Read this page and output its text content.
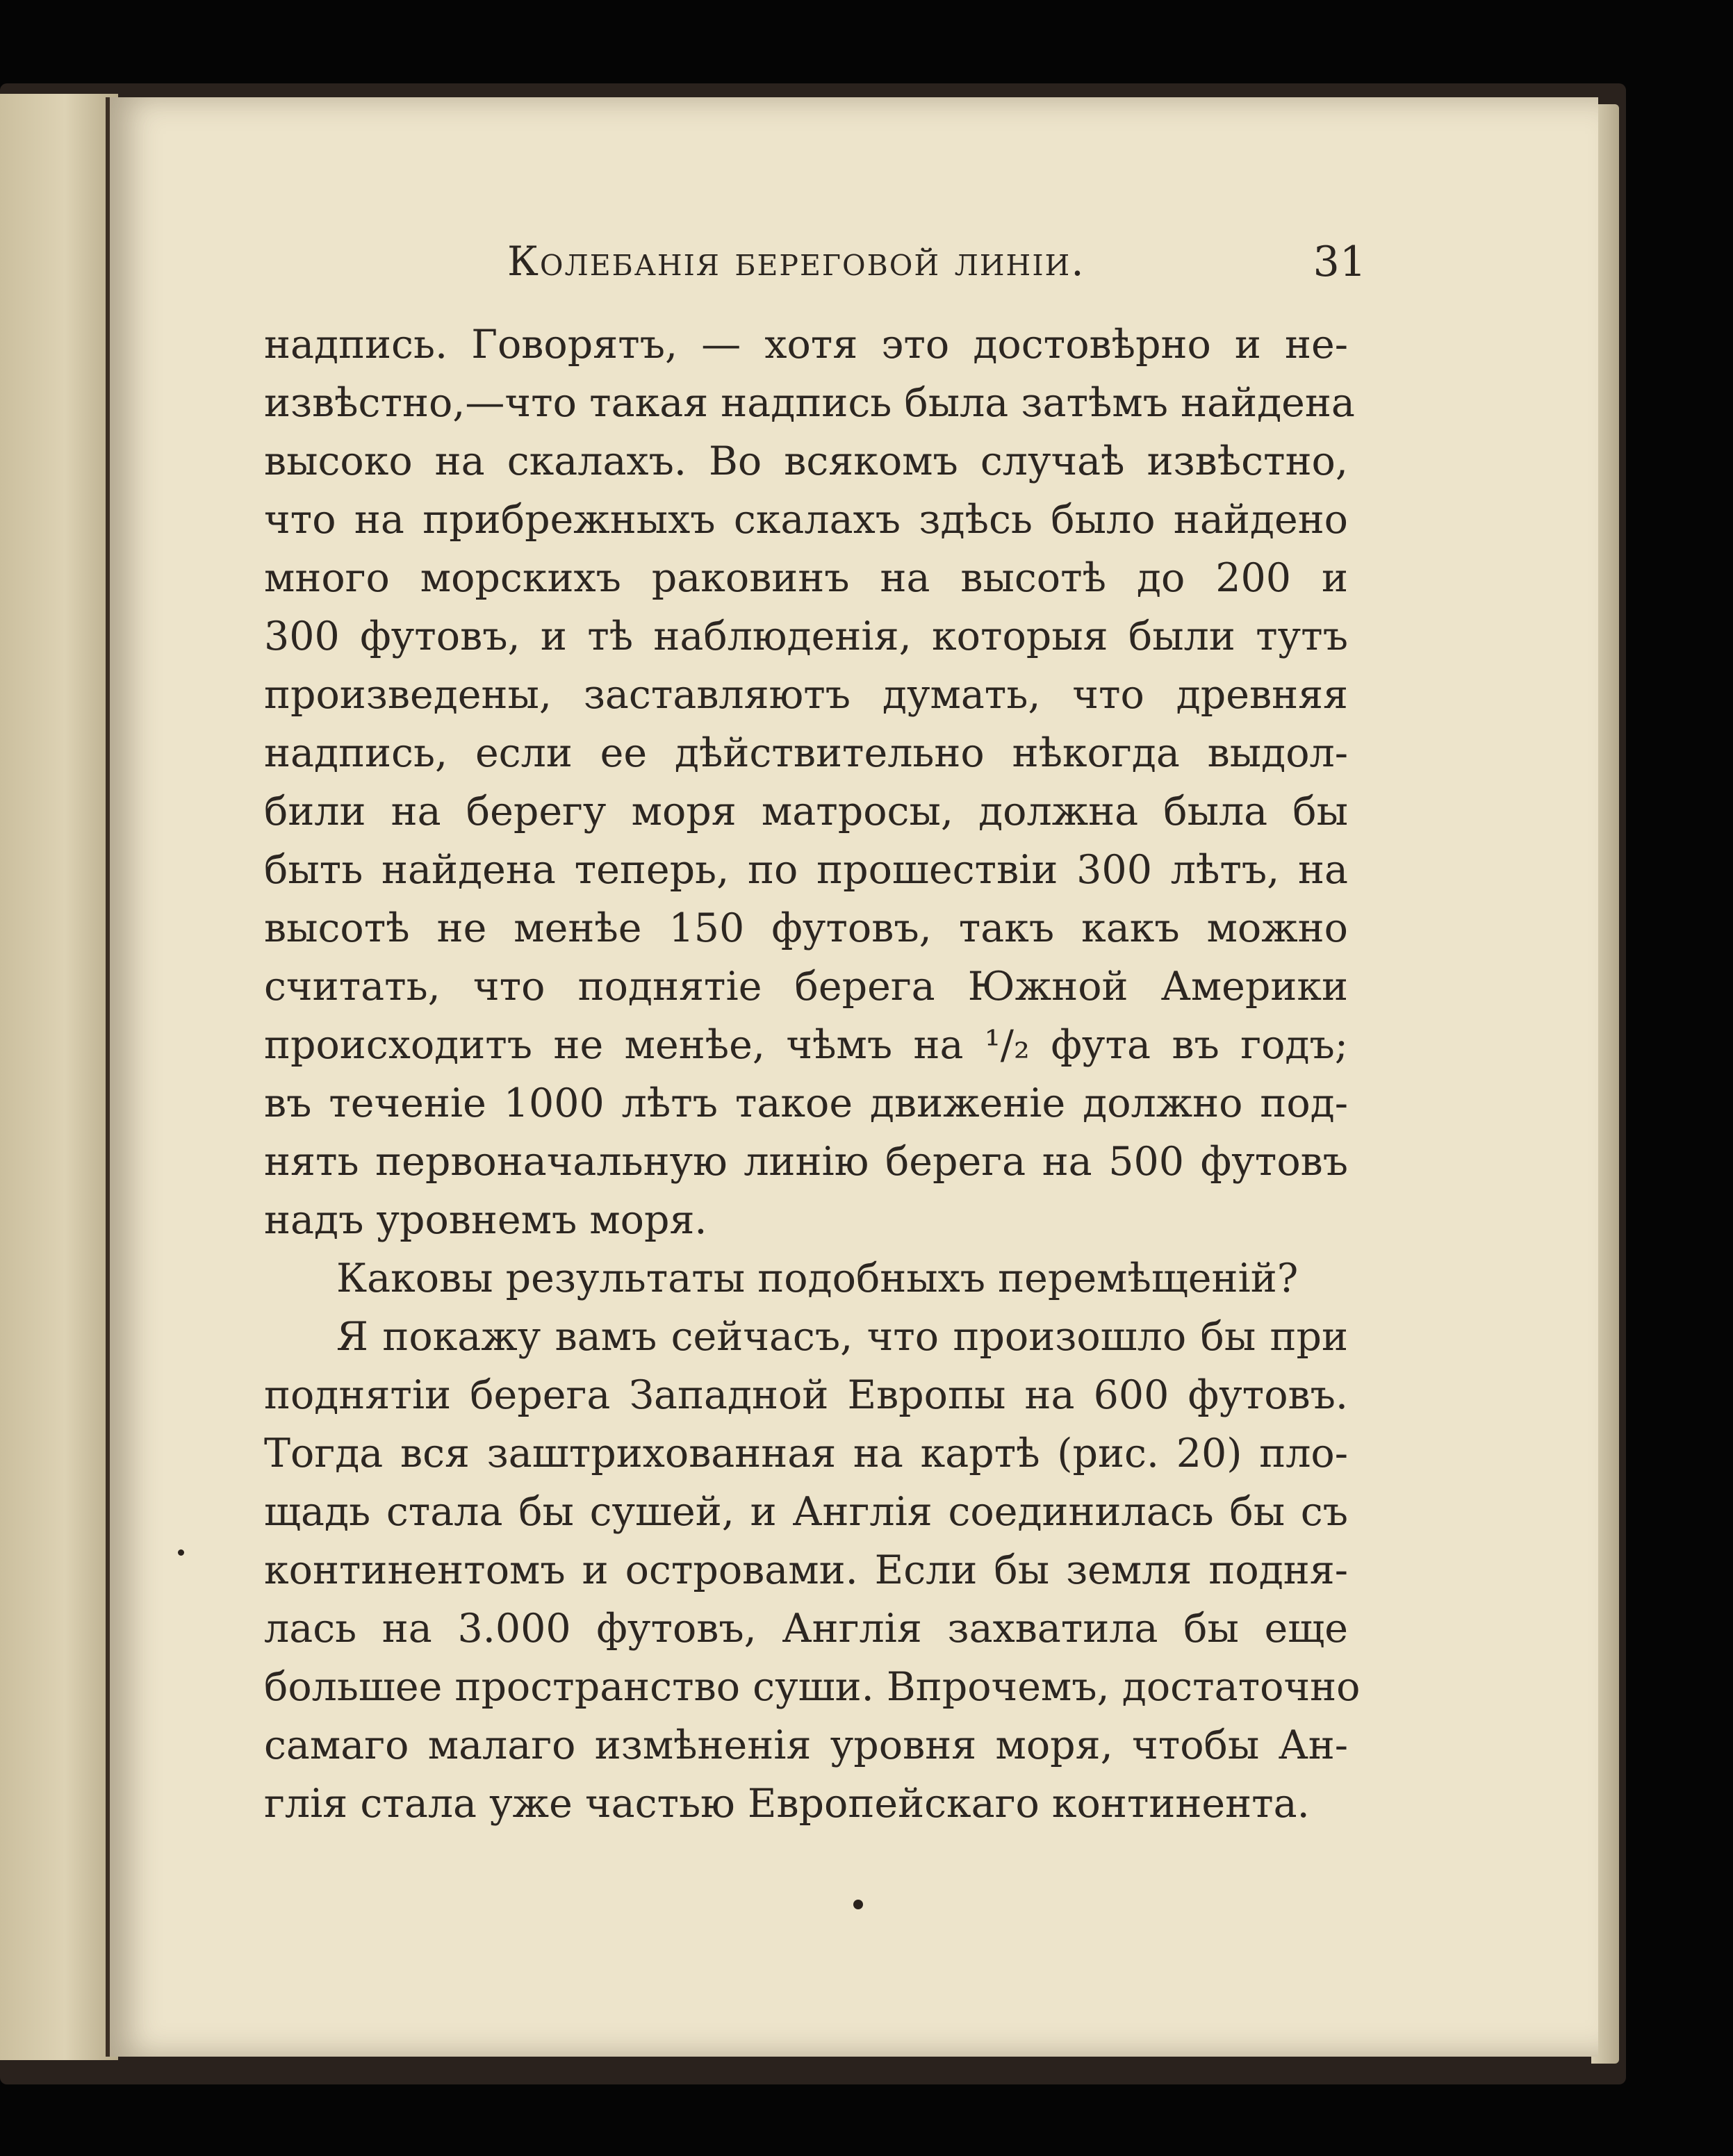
Колебанія береговой линіи.	31

надпись. Говорятъ, — хотя это достовѣрно и не-

извѣстно,—что такая надпись была затѣмъ найдена

высоко на скалахъ. Во всякомъ случаѣ извѣстно,

что на прибрежныхъ скалахъ здѣсь было найдено

много морскихъ раковинъ на высотѣ до 200 и

300 футовъ, и тѣ наблюденія, которыя были тутъ

произведены, заставляютъ думать, что древняя

надпись, если ее дѣйствительно нѣкогда выдол-

били на берегу моря матросы, должна была бы

быть найдена теперь, по прошествіи 300 лѣтъ, на

высотѣ не менѣе 150 футовъ, такъ какъ можно

считать, что поднятіе берега Южной Америки

происходитъ не менѣе, чѣмъ на ¹/₂ фута въ годъ;

въ теченіе 1000 лѣтъ такое движеніе должно под-

нять первоначальную линію берега на 500 футовъ

надъ уровнемъ моря.

Каковы результаты подобныхъ перемѣщеній?

Я покажу вамъ сейчасъ, что произошло бы при

поднятіи берега Западной Европы на 600 футовъ.

Тогда вся заштрихованная на картѣ (рис. 20) пло-

щадь стала бы сушей, и Англія соединилась бы съ

континентомъ и островами. Если бы земля подня-

лась на 3.000 футовъ, Англія захватила бы еще

большее пространство суши. Впрочемъ, достаточно

самаго малаго измѣненія уровня моря, чтобы Ан-

глія стала уже частью Европейскаго континента.
